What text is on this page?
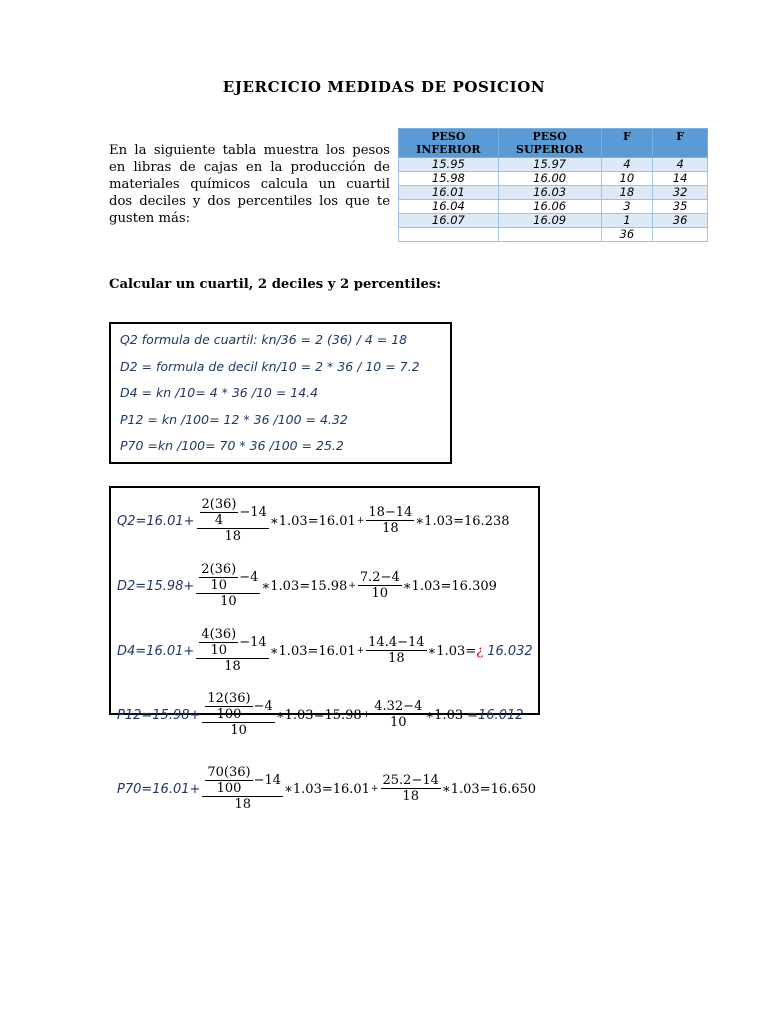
EJERCICIO MEDIDAS DE POSICION
En la siguiente tabla muestra los pesos en libras de cajas en la producción de materiales químicos calcula un cuartil dos deciles y dos percentiles los que te gusten más:
PESO INFERIOR	PESO SUPERIOR	F	F
15.95	15.97	4	4
15.98	16.00	10	14
16.01	16.03	18	32
16.04	16.06	3	35
16.07	16.09	1	36
		36	
Calcular un cuartil, 2 deciles y 2 percentiles:
Q2 formula de cuartil: kn/36 = 2 (36) / 4 = 18
D2 = formula de decil kn/10 = 2 * 36 / 10 = 7.2
D4 = kn /10= 4 * 36 /10 = 14.4
P12 = kn /100= 12 * 36 /100 = 4.32
P70 =kn /100= 70 * 36 /100 = 25.2
$Q2=16.01+ \frac{\frac{2(36)}{4} -14}{18}$ ∗1.03=16.01 + $\frac{18-14}{18}$ ∗1.03=16.238
$D2=15.98+ \frac{\frac{2(36)}{10} -4}{10}$ ∗1.03=15.98 + $\frac{7.2-4}{10}$ ∗1.03=16.309
$D4=16.01+ \frac{\frac{4(36)}{10} -14}{18}$ ∗1.03=16.01 + $\frac{14.4-14}{18}$ ∗1.03= ¿ 16.032
$P12=15.98+ \frac{\frac{12(36)}{100} -4}{10}$ ∗1.03=15.98 + $\frac{4.32-4}{10}$ ∗1.03 =16.012
$P70=16.01+ \frac{\frac{70(36)}{100} -14}{18}$ ∗1.03=16.01 + $\frac{25.2-14}{18}$ ∗1.03=16.650
